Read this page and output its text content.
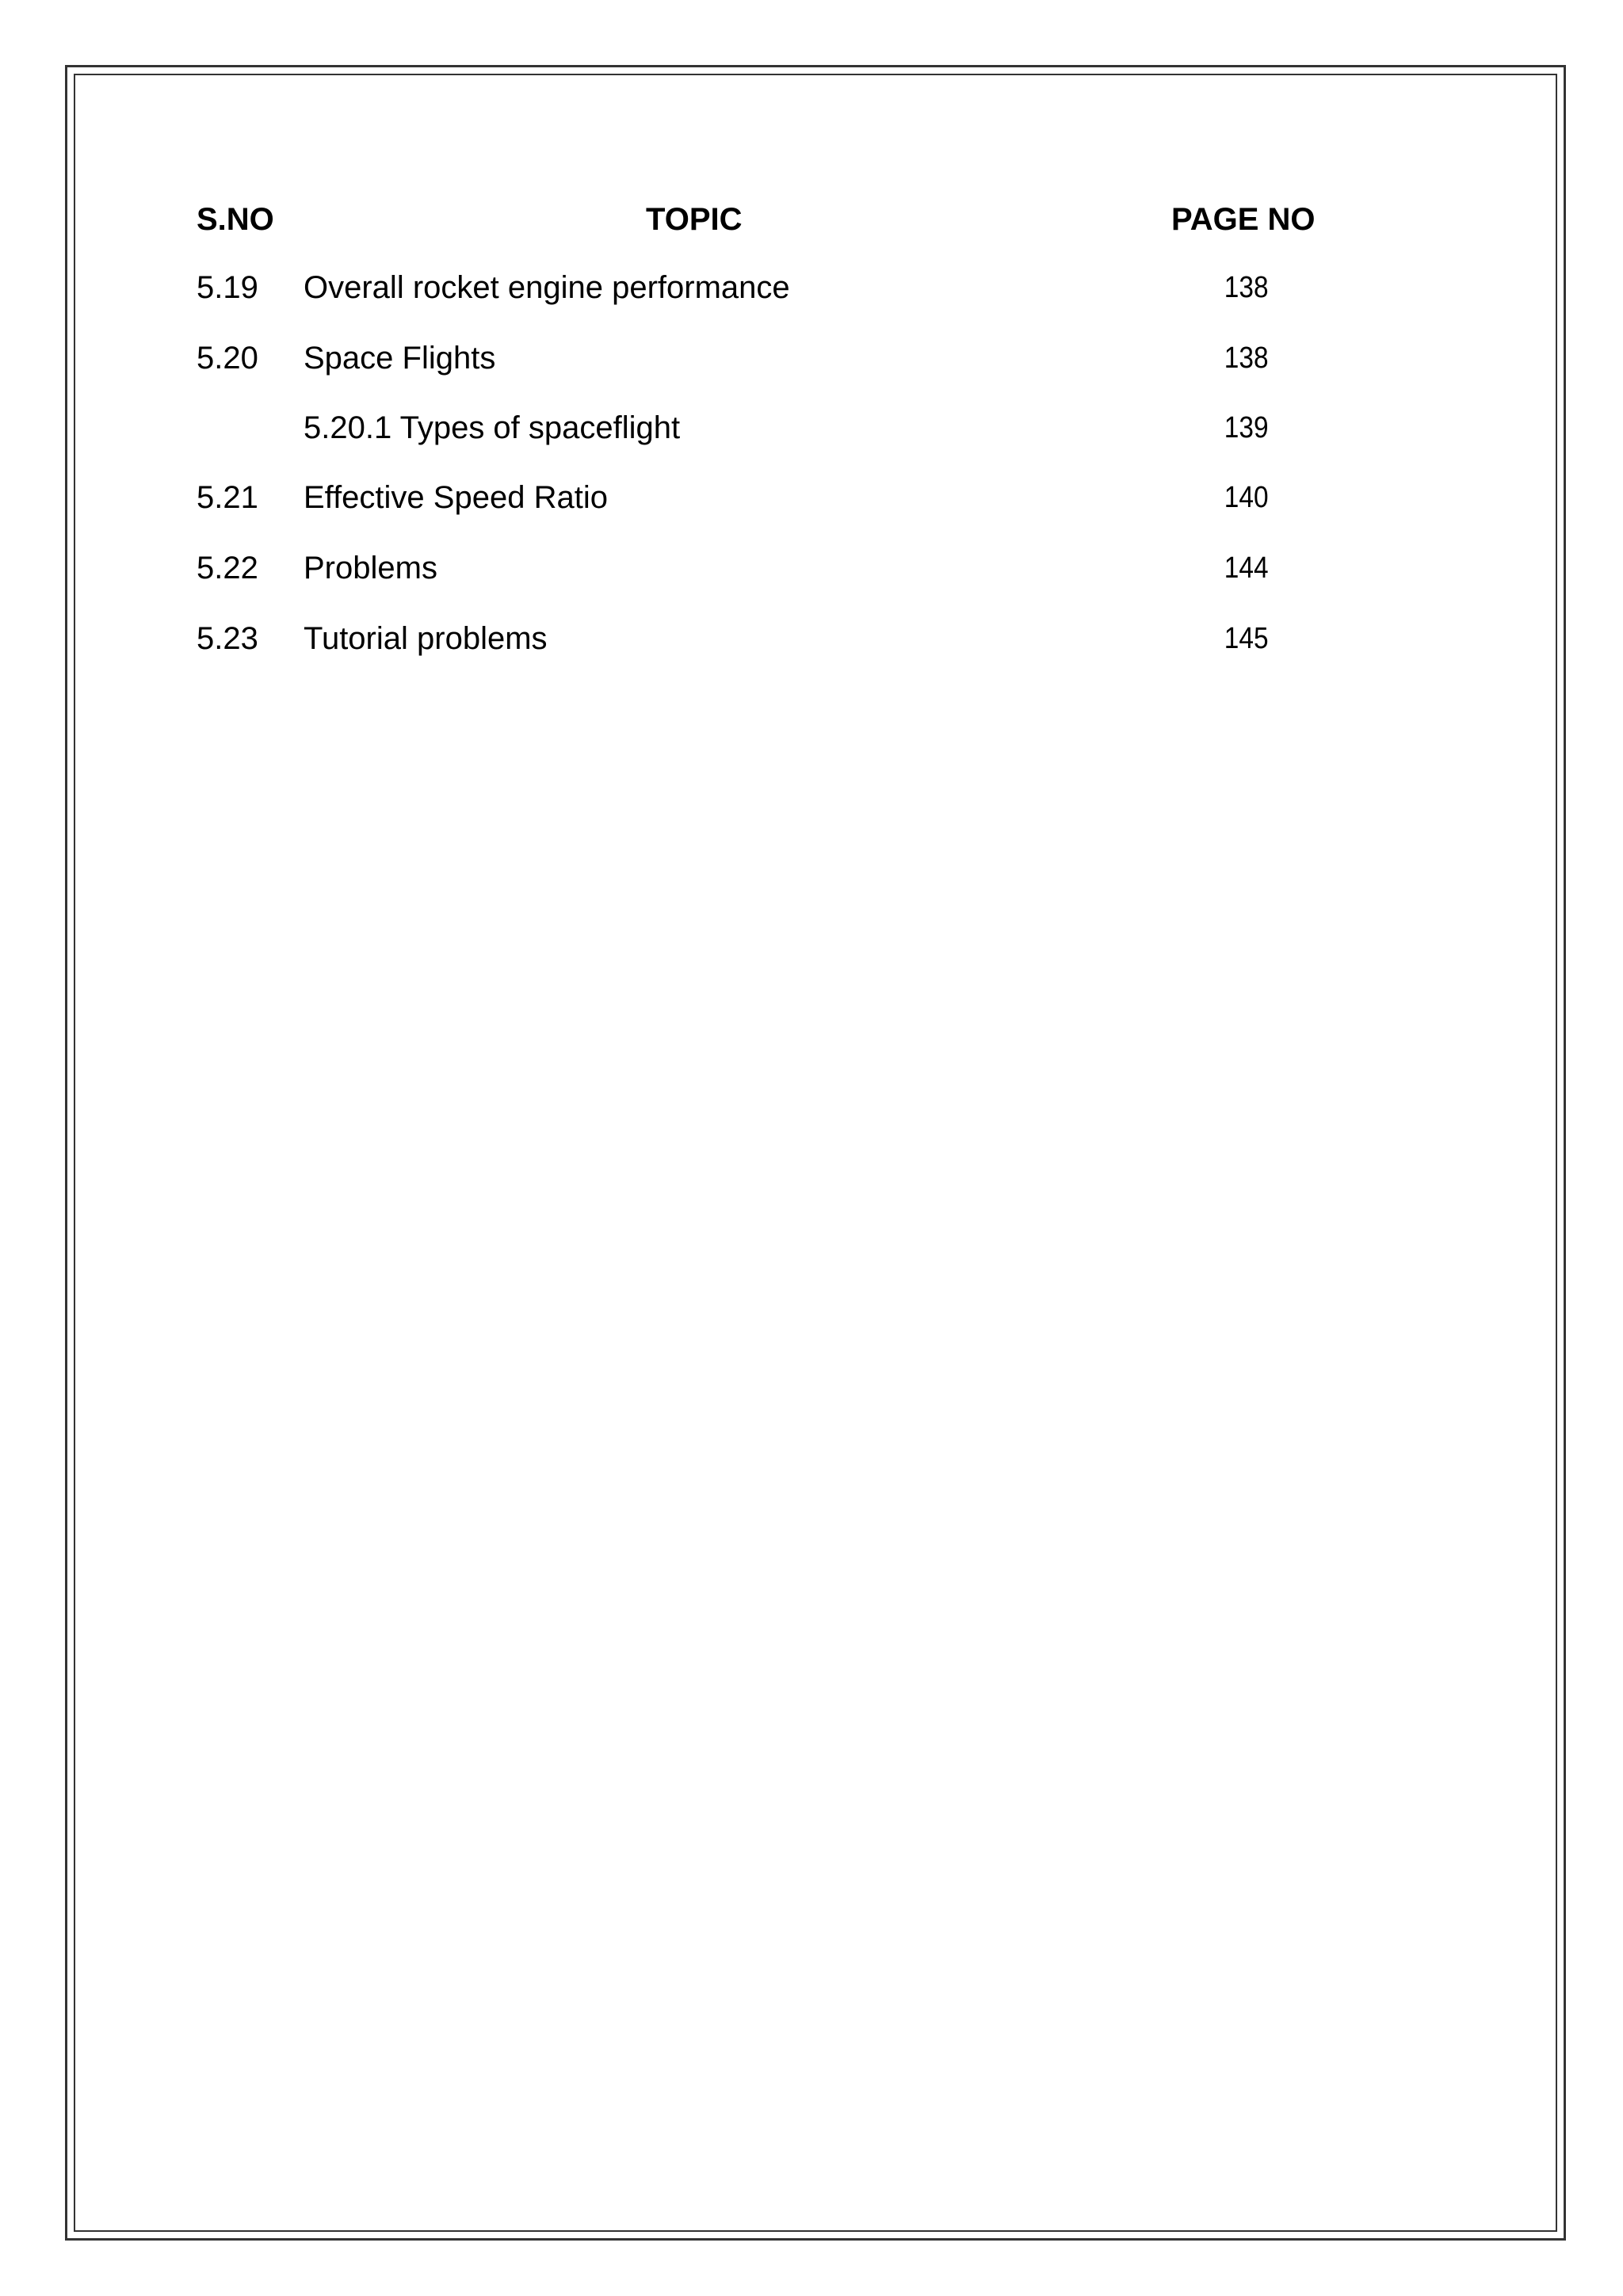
S.NO	TOPIC	PAGE NO
5.19 Overall rocket engine performance	138
5.20 Space Flights	138
5.20.1 Types of spaceflight	139
5.21 Effective Speed Ratio	140
5.22 Problems	144
5.23 Tutorial problems	145
